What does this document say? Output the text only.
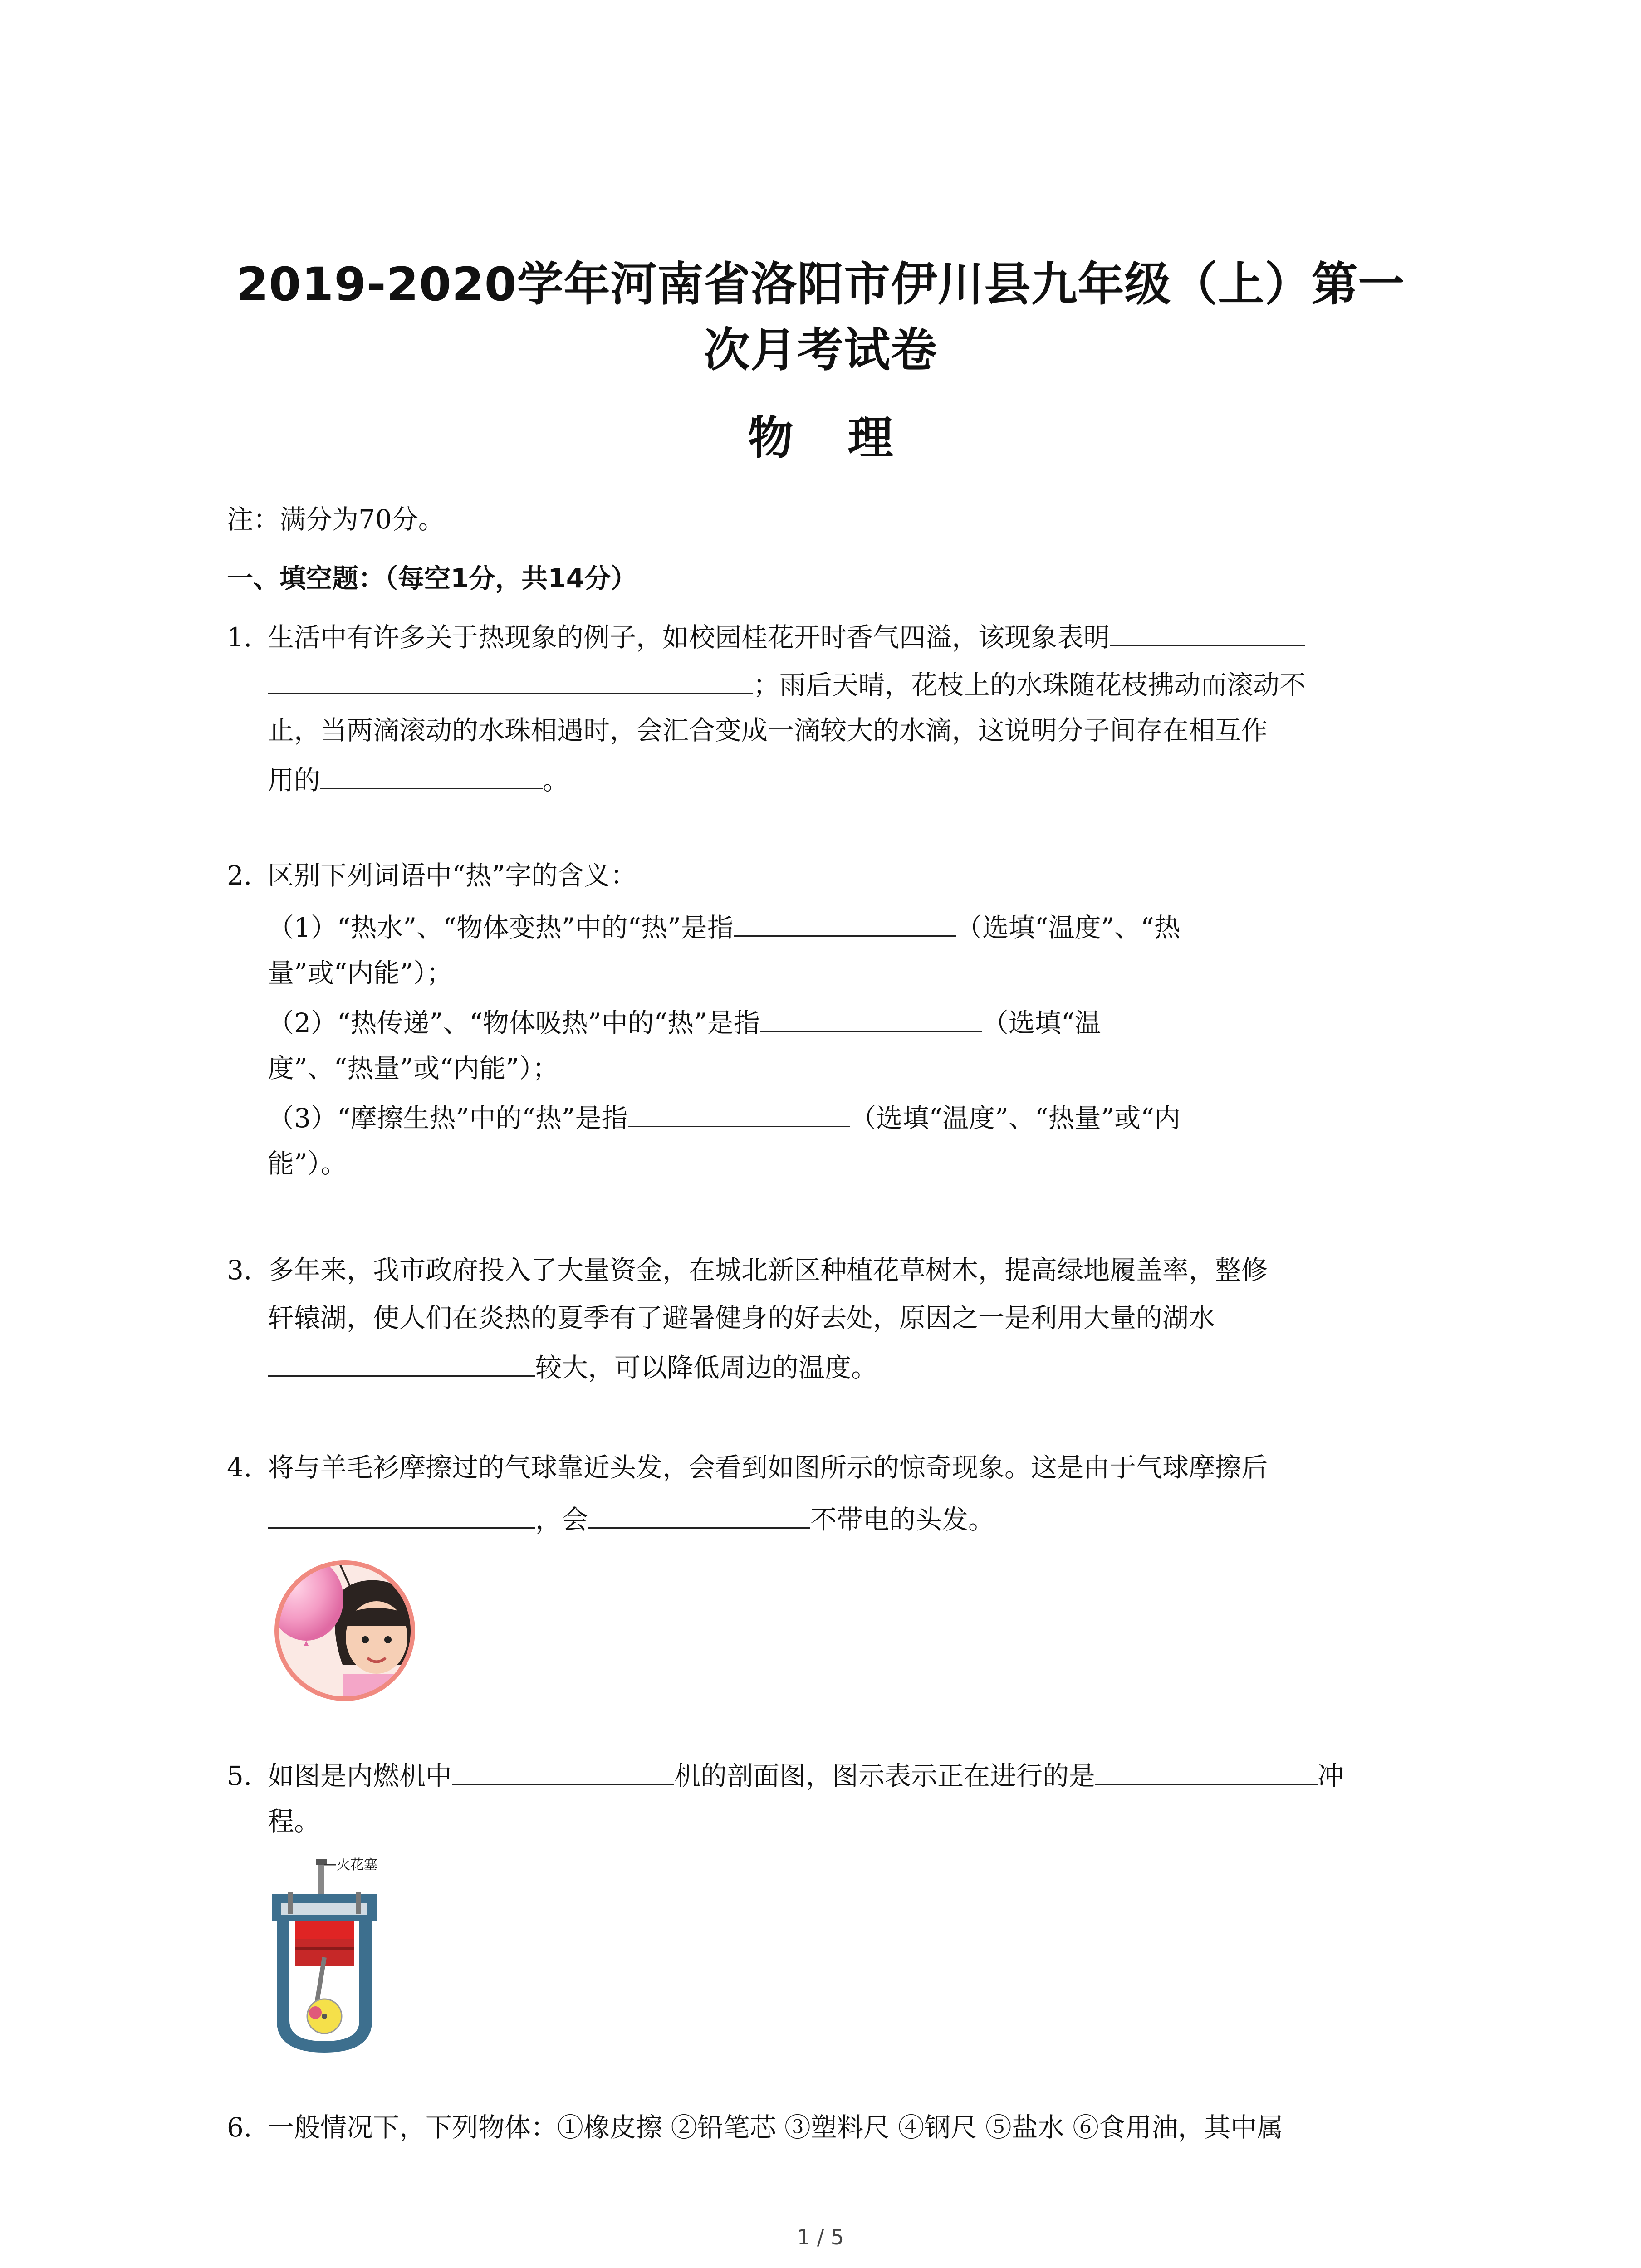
2019-2020学年河南省洛阳市伊川县九年级（上）第一
次月考试卷
物理
注：满分为70分。
一、填空题：（每空1分，共14分）
1. 生活中有许多关于热现象的例子，如校园桂花开时香气四溢，该现象表明
；雨后天晴，花枝上的水珠随花枝拂动而滚动不
止，当两滴滚动的水珠相遇时，会汇合变成一滴较大的水滴，这说明分子间存在相互作
用的	。
2. 区别下列词语中“热”字的含义：
（1）“热水”、“物体变热”中的“热”是指	（选填“温度”、“热
量”或“内能”）；
（2）“热传递”、“物体吸热”中的“热”是指	（选填“温
度”、“热量”或“内能”）；
（3）“摩擦生热”中的“热”是指	（选填“温度”、“热量”或“内
能”）。
3. 多年来，我市政府投入了大量资金，在城北新区种植花草树木，提高绿地履盖率，整修
轩辕湖，使人们在炎热的夏季有了避暑健身的好去处，原因之一是利用大量的湖水
较大，可以降低周边的温度。
4. 将与羊毛衫摩擦过的气球靠近头发，会看到如图所示的惊奇现象。这是由于气球摩擦后
，会	不带电的头发。
5. 如图是内燃机中	机的剖面图，图示表示正在进行的是	冲
程。
火花塞
6. 一般情况下，下列物体：①橡皮擦 ②铅笔芯 ③塑料尺 ④钢尺 ⑤盐水 ⑥食用油，其中属
1 / 5
